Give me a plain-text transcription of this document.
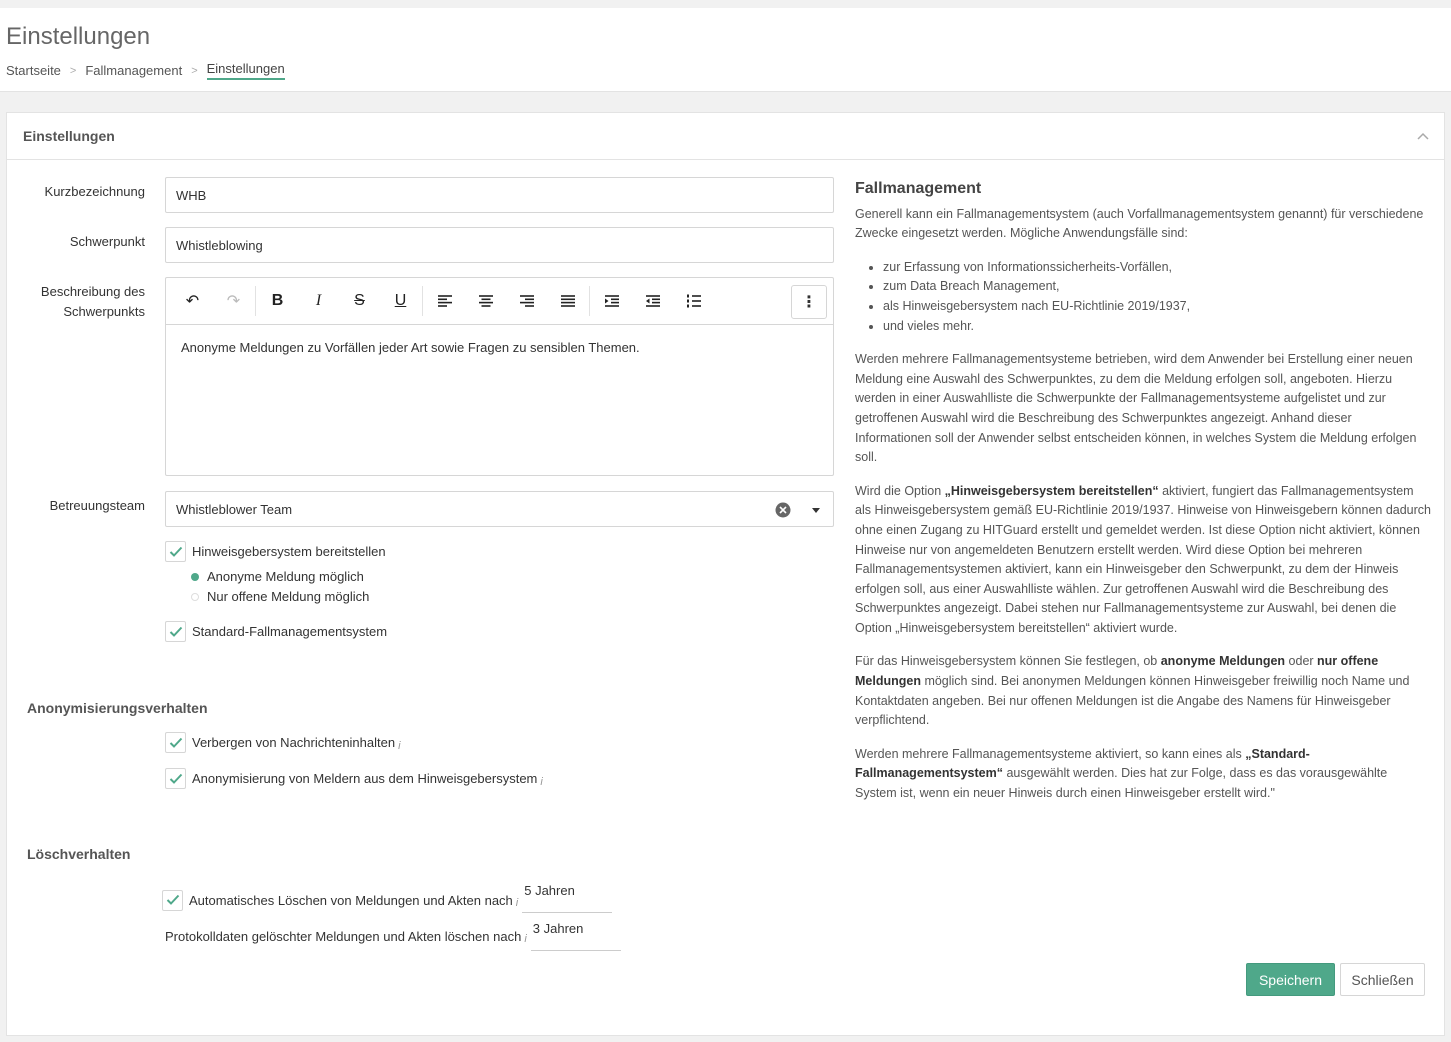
Einstellungen
Startseite > Fallmanagement > Einstellungen
Einstellungen
Kurzbezeichnung	WHB
Schwerpunkt	Whistleblowing
Beschreibung des
Schwerpunkts
↶	↷	B	I	S	U	⋮
Anonyme Meldungen zu Vorfällen jeder Art sowie Fragen zu sensiblen Themen.
Betreuungsteam Whistleblower Team
Hinweisgebersystem bereitstellen
Anonyme Meldung möglich
Nur offene Meldung möglich
Standard-Fallmanagementsystem
Anonymisierungsverhalten
Verbergen von Nachrichteninhalten i
Anonymisierung von Meldern aus dem Hinweisgebersystem i
Löschverhalten
Automatisches Löschen von Meldungen und Akten nach i
5 Jahren
Protokolldaten gelöschter Meldungen und Akten löschen nach i
3 Jahren
Speichern	Schließen
Fallmanagement

Generell kann ein Fallmanagementsystem (auch Vorfallmanagementsystem genannt) für verschiedene Zwecke eingesetzt werden. Mögliche Anwendungsfälle sind:

• zur Erfassung von Informationssicherheits-Vorfällen,
• zum Data Breach Management,
• als Hinweisgebersystem nach EU-Richtlinie 2019/1937,
• und vieles mehr.

Werden mehrere Fallmanagementsysteme betrieben, wird dem Anwender bei Erstellung einer neuen Meldung eine Auswahl des Schwerpunktes, zu dem die Meldung erfolgen soll, angeboten. Hierzu werden in einer Auswahlliste die Schwerpunkte der Fallmanagementsysteme aufgelistet und zur getroffenen Auswahl wird die Beschreibung des Schwerpunktes angezeigt. Anhand dieser Informationen soll der Anwender selbst entscheiden können, in welches System die Meldung erfolgen soll.

Wird die Option „Hinweisgebersystem bereitstellen“ aktiviert, fungiert das Fallmanagementsystem als Hinweisgebersystem gemäß EU-Richtlinie 2019/1937. Hinweise von Hinweisgebern können dadurch ohne einen Zugang zu HITGuard erstellt und gemeldet werden. Ist diese Option nicht aktiviert, können Hinweise nur von angemeldeten Benutzern erstellt werden. Wird diese Option bei mehreren Fallmanagementsystemen aktiviert, kann ein Hinweisgeber den Schwerpunkt, zu dem der Hinweis erfolgen soll, aus einer Auswahlliste wählen. Zur getroffenen Auswahl wird die Beschreibung des Schwerpunktes angezeigt. Dabei stehen nur Fallmanagementsysteme zur Auswahl, bei denen die Option „Hinweisgebersystem bereitstellen“ aktiviert wurde.

Für das Hinweisgebersystem können Sie festlegen, ob anonyme Meldungen oder nur offene Meldungen möglich sind. Bei anonymen Meldungen können Hinweisgeber freiwillig noch Name und Kontaktdaten angeben. Bei nur offenen Meldungen ist die Angabe des Namens für Hinweisgeber verpflichtend.

Werden mehrere Fallmanagementsysteme aktiviert, so kann eines als „Standard-Fallmanagementsystem“ ausgewählt werden. Dies hat zur Folge, dass es das vorausgewählte System ist, wenn ein neuer Hinweis durch einen Hinweisgeber erstellt wird."
